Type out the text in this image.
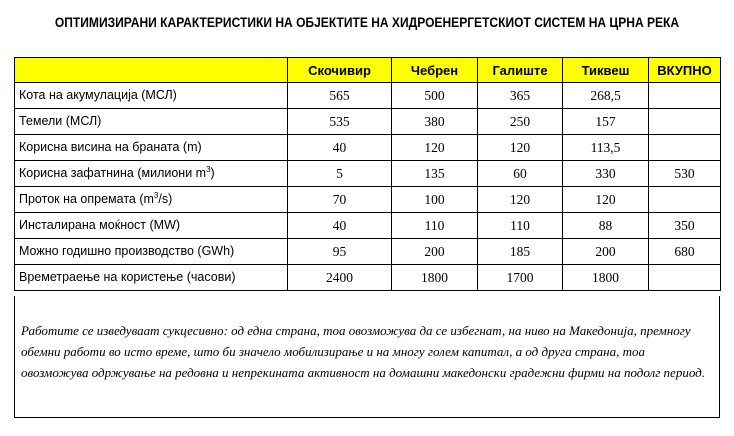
ОПТИМИЗИРАНИ КАРАКТЕРИСТИКИ НА ОБЈЕКТИТЕ НА ХИДРОЕНЕРГЕТСКИОТ СИСТЕМ НА ЦРНА РЕКА
	Скочивир	Чебрен	Галиште	Тиквеш	ВКУПНО
Кота на акумулација (МСЛ)	565	500	365	268,5	
Темели (МСЛ)	535	380	250	157	
Корисна висина на браната (m)	40	120	120	113,5	
Корисна зафатнина (милиони $m^3$)	5	135	60	330	530
Проток на опремата $(m^3/s)$	70	100	120	120	
Инсталирана моќност (MW)	40	110	110	88	350
Можно годишно производство (GWh)	95	200	185	200	680
Времетраење на користење (часови)	2400	1800	1700	1800	

Работите се изведуваат сукцесивно: од една страна, тоа овозможува да се избегнат, на ниво на Македонија, премногу обемни работи во исто време, што би значело мобилизирање и на многу голем капитал, а од друга страна, тоа овозможува одржување на редовна и непрекината активност на домашни македонски градежни фирми на подолг период.
